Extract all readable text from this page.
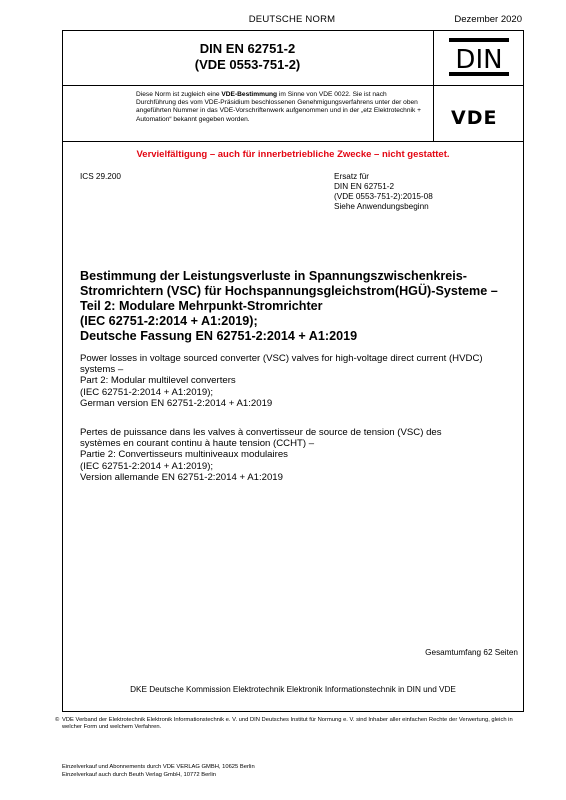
DEUTSCHE NORM	Dezember 2020
DIN EN 62751-2
(VDE 0553-751-2)	DIN
Diese Norm ist zugleich eine VDE-Bestimmung im Sinne von VDE 0022. Sie ist nach Durchführung des vom VDE-Präsidium beschlossenen Genehmigungsverfahrens unter der oben angeführten Nummer in das VDE-Vorschriftenwerk aufgenommen und in der „etz Elektrotechnik + Automation“ bekannt gegeben worden.	VDE
Vervielfältigung – auch für innerbetriebliche Zwecke – nicht gestattet.
ICS 29.200	Ersatz für
DIN EN 62751-2
(VDE 0553-751-2):2015-08
Siehe Anwendungsbeginn
Bestimmung der Leistungsverluste in Spannungszwischenkreis-
Stromrichtern (VSC) für Hochspannungsgleichstrom(HGÜ)-Systeme –
Teil 2: Modulare Mehrpunkt-Stromrichter
(IEC 62751-2:2014 + A1:2019);
Deutsche Fassung EN 62751-2:2014 + A1:2019
Power losses in voltage sourced converter (VSC) valves for high-voltage direct current (HVDC)
systems –
Part 2: Modular multilevel converters
(IEC 62751-2:2014 + A1:2019);
German version EN 62751-2:2014 + A1:2019
Pertes de puissance dans les valves à convertisseur de source de tension (VSC) des
systèmes en courant continu à haute tension (CCHT) –
Partie 2: Convertisseurs multiniveaux modulaires
(IEC 62751-2:2014 + A1:2019);
Version allemande EN 62751-2:2014 + A1:2019
Gesamtumfang 62 Seiten
DKE Deutsche Kommission Elektrotechnik Elektronik Informationstechnik in DIN und VDE
© VDE Verband der Elektrotechnik Elektronik Informationstechnik e. V. und DIN Deutsches Institut für Normung e. V. sind Inhaber aller einfachen Rechte der Verwertung, gleich in welcher Form und welchem Verfahren.
Einzelverkauf und Abonnements durch VDE VERLAG GMBH, 10625 Berlin
Einzelverkauf auch durch Beuth Verlag GmbH, 10772 Berlin
